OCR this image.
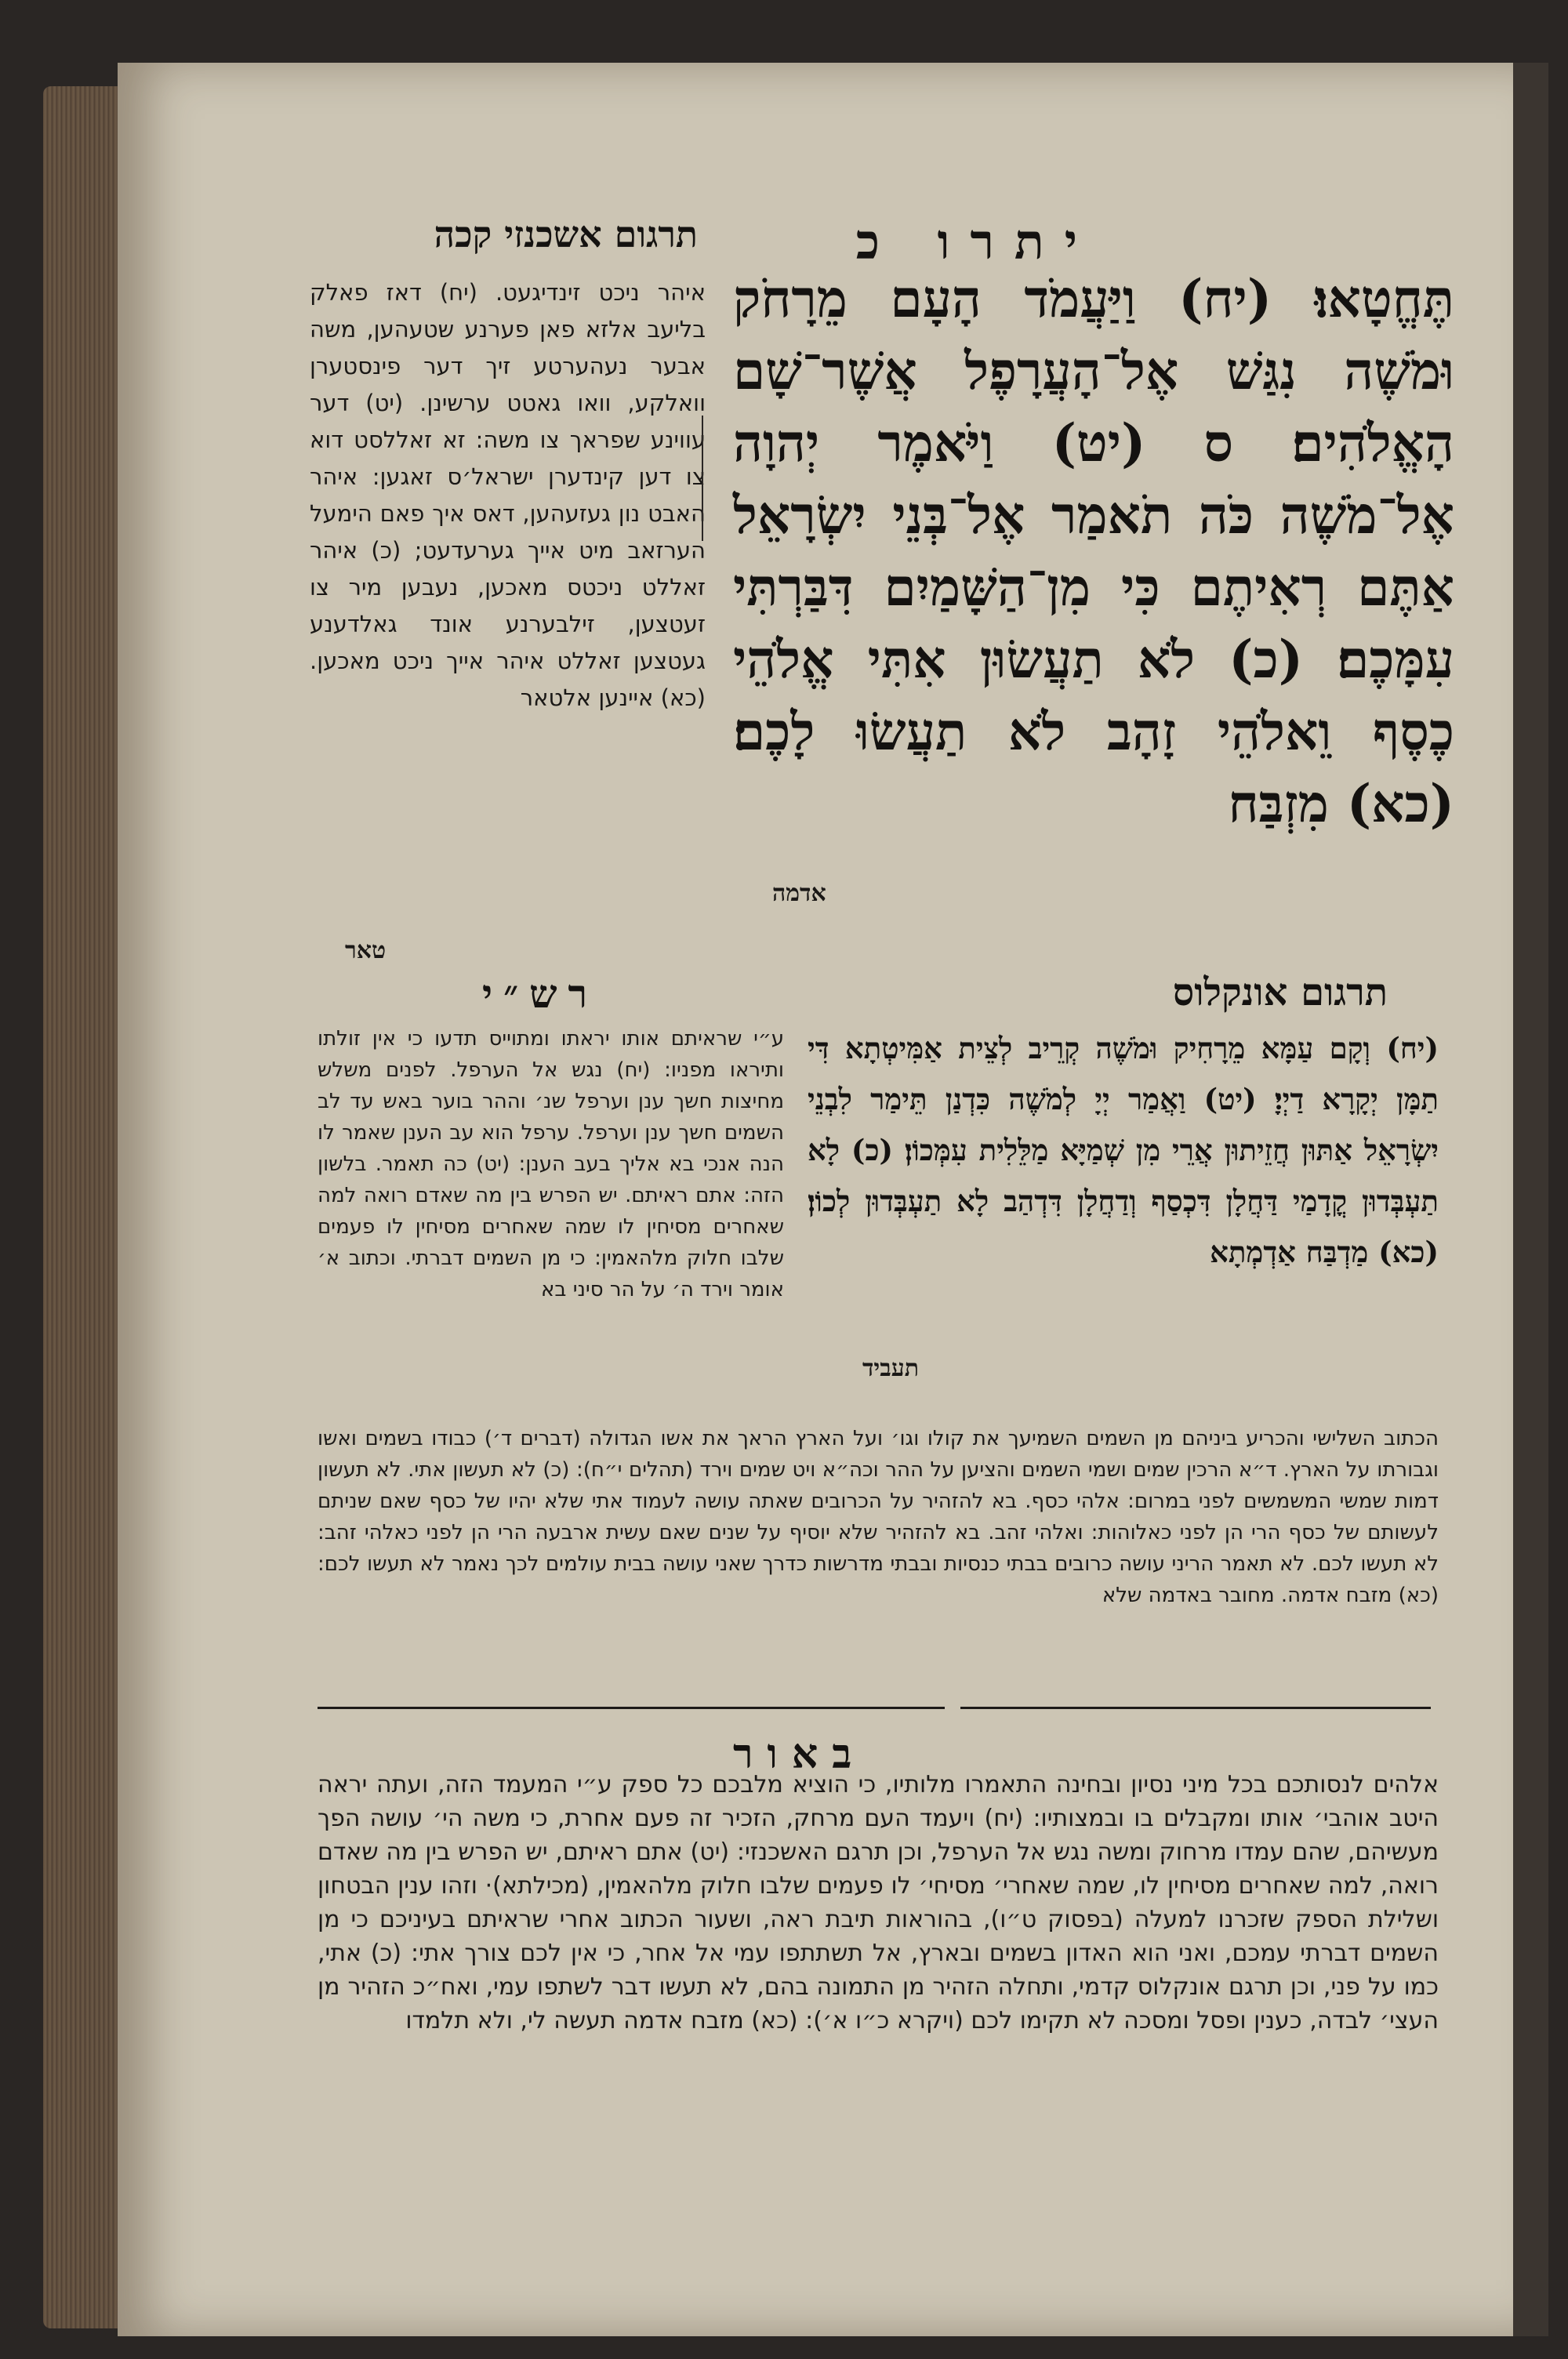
יתרו כ
תרגום אשכנזי קכה
תֶּחֱטָאוּ׃ (יח) וַיַּעֲמֹד הָעָם מֵרָחֹק וּמֹשֶׁה נִגַּשׁ אֶל־הָעֲרָפֶל אֲשֶׁר־שָׁם הָאֱלֹהִים׃ ס (יט) וַיֹּאמֶר יְהוָה אֶל־מֹשֶׁה כֹּה תֹאמַר אֶל־בְּנֵי יִשְׂרָאֵל אַתֶּם רְאִיתֶם כִּי מִן־הַשָּׁמַיִם דִּבַּרְתִּי עִמָּכֶם׃ (כ) לֹא תַעֲשׂוּן אִתִּי אֱלֹהֵי כֶסֶף וֵאלֹהֵי זָהָב לֹא תַעֲשׂוּ לָכֶם׃ (כא) מִזְבַּח
אדמה
איהר ניכט זינדיגעט. (יח) דאז פאלק בליעב אלזא פאן פערנע שטעהען, משה אבער נעהערטע זיך דער פינסטערן וואלקע, וואו גאטט ערשינן. (יט) דער עווינע שפראך צו משה: זא זאללסט דוא צו דען קינדערן ישראל׳ס זאגען: איהר האבט נון געזעהען, דאס איך פאם הימעל הערזאב מיט אייך גערעדעט; (כ) איהר זאללט ניכטס מאכען, נעבען מיר צו זעטצען, זילבערנע אונד גאלדענע געטצען זאללט איהר אייך ניכט מאכען. (כא) איינען אלטאר
טאר
תרגום אונקלוס
(יח) וְקָם עַמָּא מֵרָחִיק וּמֹשֶׁה קְרֵיב לְצֵית אַמִּיטְתָא דִּי תַמָּן יְקָרָא דַיְיָ׃ (יט) וַאֲמַר יְיָ לְמֹשֶׁה כִּדְנַן תֵּימַר לִבְנֵי יִשְׂרָאֵל אַתּוּן חֲזֵיתוּן אֲרֵי מִן שְׁמַיָּא מַלֵּלִית עִמְּכוֹן׃ (כ) לָא תַעְבְּדוּן קֳדָמַי דַּחֲלָן דִּכְסַף וְדַחֲלָן דִּדְהַב לָא תַעְבְּדוּן לְכוֹן׃ (כא) מַדְבַּח אַדְמְתָא
תעביד
רש״י
ע״י שראיתם אותו יראתו ומתוייס תדעו כי אין זולתו ותיראו מפניו: (יח) נגש אל הערפל. לפנים משלש מחיצות חשך ענן וערפל שנ׳ וההר בוער באש עד לב השמים חשך ענן וערפל. ערפל הוא עב הענן שאמר לו הנה אנכי בא אליך בעב הענן: (יט) כה תאמר. בלשון הזה: אתם ראיתם. יש הפרש בין מה שאדם רואה למה שאחרים מסיחין לו שמה שאחרים מסיחין לו פעמים שלבו חלוק מלהאמין: כי מן השמים דברתי. וכתוב א׳ אומר וירד ה׳ על הר סיני בא
הכתוב השלישי והכריע ביניהם מן השמים השמיעך את קולו וגו׳ ועל הארץ הראך את אשו הגדולה (דברים ד׳) כבודו בשמים ואשו וגבורתו על הארץ. ד״א הרכין שמים ושמי השמים והציען על ההר וכה״א ויט שמים וירד (תהלים י״ח): (כ) לא תעשון אתי. לא תעשון דמות שמשי המשמשים לפני במרום: אלהי כסף. בא להזהיר על הכרובים שאתה עושה לעמוד אתי שלא יהיו של כסף שאם שניתם לעשותם של כסף הרי הן לפני כאלוהות: ואלהי זהב. בא להזהיר שלא יוסיף על שנים שאם עשית ארבעה הרי הן לפני כאלהי זהב: לא תעשו לכם. לא תאמר הריני עושה כרובים בבתי כנסיות ובבתי מדרשות כדרך שאני עושה בבית עולמים לכך נאמר לא תעשו לכם: (כא) מזבח אדמה. מחובר באדמה שלא
באור
אלהים לנסותכם בכל מיני נסיון ובחינה התאמרו מלותיו, כי הוציא מלבכם כל ספק ע״י המעמד הזה, ועתה יראה היטב אוהבי׳ אותו ומקבלים בו ובמצותיו: (יח) ויעמד העם מרחק, הזכיר זה פעם אחרת, כי משה הי׳ עושה הפך מעשיהם, שהם עמדו מרחוק ומשה נגש אל הערפל, וכן תרגם האשכנזי: (יט) אתם ראיתם, יש הפרש בין מה שאדם רואה, למה שאחרים מסיחין לו, שמה שאחרי׳ מסיחי׳ לו פעמים שלבו חלוק מלהאמין, (מכילתא)· וזהו ענין הבטחון ושלילת הספק שזכרנו למעלה (בפסוק ט״ו), בהוראות תיבת ראה, ושעור הכתוב אחרי שראיתם בעיניכם כי מן השמים דברתי עמכם, ואני הוא האדון בשמים ובארץ, אל תשתתפו עמי אל אחר, כי אין לכם צורך אתי: (כ) אתי, כמו על פני, וכן תרגם אונקלוס קדמי, ותחלה הזהיר מן התמונה בהם, לא תעשו דבר לשתפו עמי, ואח״כ הזהיר מן העצי׳ לבדה, כענין ופסל ומסכה לא תקימו לכם (ויקרא כ״ו א׳): (כא) מזבח אדמה תעשה לי, ולא תלמדו
